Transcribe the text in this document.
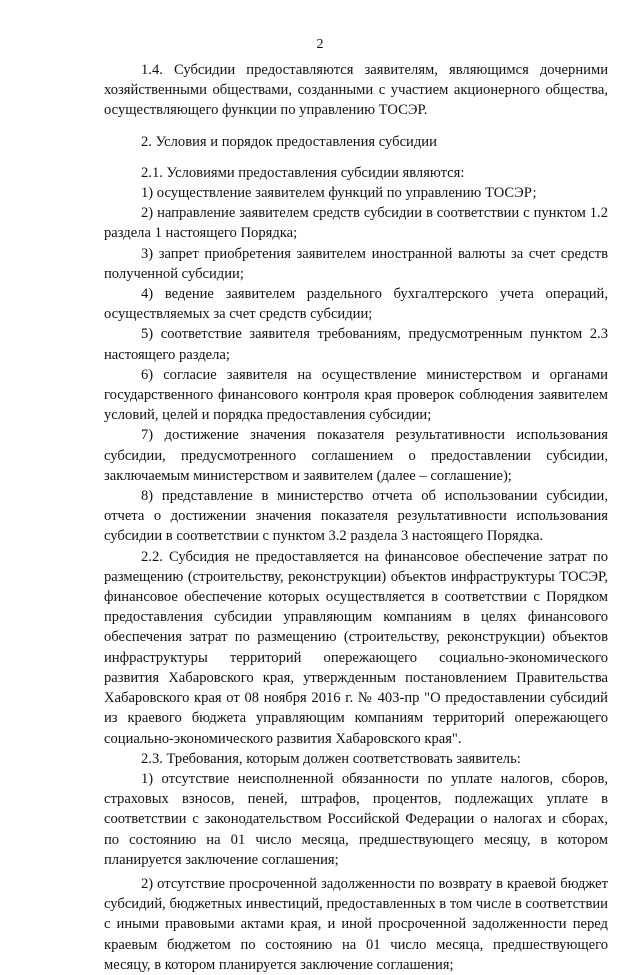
2

1.4. Субсидии предоставляются заявителям, являющимся дочерними хозяйственными обществами, созданными с участием акционерного общества, осуществляющего функции по управлению ТОСЭР.

2. Условия и порядок предоставления субсидии

2.1. Условиями предоставления субсидии являются:

1) осуществление заявителем функций по управлению ТОСЭР;

2) направление заявителем средств субсидии в соответствии с пунктом 1.2 раздела 1 настоящего Порядка;

3) запрет приобретения заявителем иностранной валюты за счет средств полученной субсидии;

4) ведение заявителем раздельного бухгалтерского учета операций, осуществляемых за счет средств субсидии;

5) соответствие заявителя требованиям, предусмотренным пунктом 2.3 настоящего раздела;

6) согласие заявителя на осуществление министерством и органами государственного финансового контроля края проверок соблюдения заявителем условий, целей и порядка предоставления субсидии;

7) достижение значения показателя результативности использования субсидии, предусмотренного соглашением о предоставлении субсидии, заключаемым министерством и заявителем (далее – соглашение);

8) представление в министерство отчета об использовании субсидии, отчета о достижении значения показателя результативности использования субсидии в соответствии с пунктом 3.2 раздела 3 настоящего Порядка.

2.2. Субсидия не предоставляется на финансовое обеспечение затрат по размещению (строительству, реконструкции) объектов инфраструктуры ТОСЭР, финансовое обеспечение которых осуществляется в соответствии с Порядком предоставления субсидии управляющим компаниям в целях финансового обеспечения затрат по размещению (строительству, реконструкции) объектов инфраструктуры территорий опережающего социально-экономического развития Хабаровского края, утвержденным постановлением Правительства Хабаровского края от 08 ноября 2016 г. № 403-пр "О предоставлении субсидий из краевого бюджета управляющим компаниям территорий опережающего социально-экономического развития Хабаровского края".

2.3. Требования, которым должен соответствовать заявитель:

1) отсутствие неисполненной обязанности по уплате налогов, сборов, страховых взносов, пеней, штрафов, процентов, подлежащих уплате в соответствии с законодательством Российской Федерации о налогах и сборах, по состоянию на 01 число месяца, предшествующего месяцу, в котором планируется заключение соглашения;

2) отсутствие просроченной задолженности по возврату в краевой бюджет субсидий, бюджетных инвестиций, предоставленных в том числе в соответствии с иными правовыми актами края, и иной просроченной задолженности перед краевым бюджетом по состоянию на 01 число месяца, предшествующего месяцу, в котором планируется заключение соглашения;
